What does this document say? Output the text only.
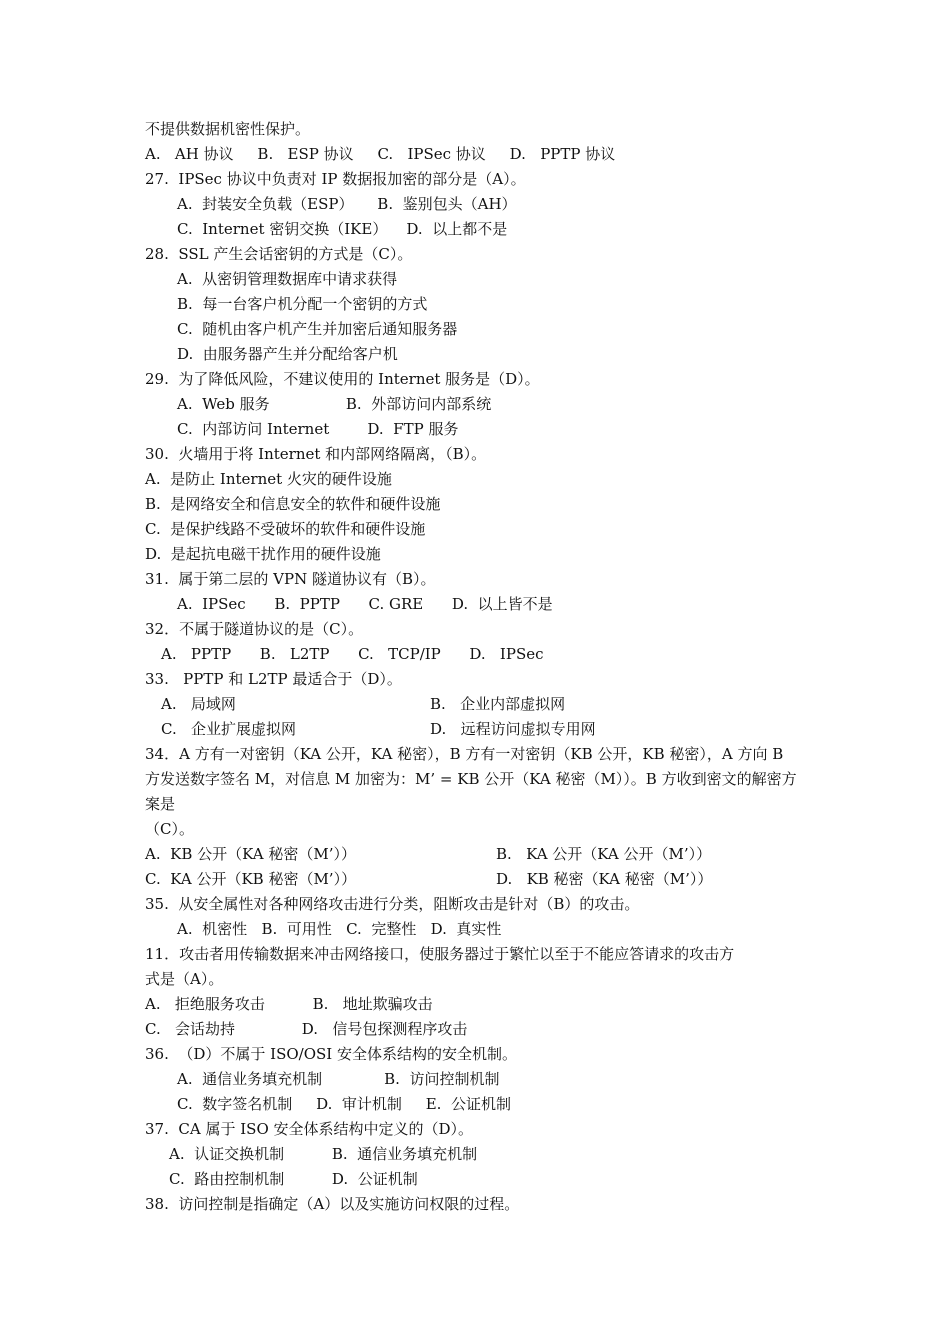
不提供数据机密性保护。
A.   AH 协议     B.   ESP 协议     C.   IPSec 协议     D.   PPTP 协议
27.  IPSec 协议中负责对 IP 数据报加密的部分是（A）。
A.  封装安全负载（ESP）     B.  鉴别包头（AH）
C.  Internet 密钥交换（IKE）    D.  以上都不是
28.  SSL 产生会话密钥的方式是（C）。
A.  从密钥管理数据库中请求获得
B.  每一台客户机分配一个密钥的方式
C.  随机由客户机产生并加密后通知服务器
D.  由服务器产生并分配给客户机
29.  为了降低风险，不建议使用的 Internet 服务是（D）。
A.  Web 服务                B.  外部访问内部系统
C.  内部访问 Internet        D.  FTP 服务
30.  火墙用于将 Internet 和内部网络隔离，（B）。
A.  是防止 Internet 火灾的硬件设施
B.  是网络安全和信息安全的软件和硬件设施
C.  是保护线路不受破坏的软件和硬件设施
D.  是起抗电磁干扰作用的硬件设施
31.  属于第二层的 VPN 隧道协议有（B）。
A.  IPSec      B.  PPTP      C. GRE      D.  以上皆不是
32．不属于隧道协议的是（C）。
A.   PPTP      B.   L2TP      C.   TCP/IP      D.   IPSec
33.   PPTP 和 L2TP 最适合于（D）。
A.   局域网	B.   企业内部虚拟网
C.   企业扩展虚拟网	D.   远程访问虚拟专用网
34．A 方有一对密钥（KA 公开，KA 秘密），B 方有一对密钥（KB 公开，KB 秘密），A 方向 B
方发送数字签名 M，对信息 M 加密为：M’ = KB 公开（KA 秘密（M））。B 方收到密文的解密方
案是
（C）。
A.  KB 公开（KA 秘密（M’））	B.   KA 公开（KA 公开（M’））
C.  KA 公开（KB 秘密（M’））	D.   KB 秘密（KA 秘密（M’））
35.  从安全属性对各种网络攻击进行分类，阻断攻击是针对（B）的攻击。
A.  机密性   B.  可用性   C.  完整性   D.  真实性
11．攻击者用传输数据来冲击网络接口，使服务器过于繁忙以至于不能应答请求的攻击方
式是（A）。
A.   拒绝服务攻击          B.   地址欺骗攻击
C.   会话劫持              D.   信号包探测程序攻击
36.  （D）不属于 ISO/OSI 安全体系结构的安全机制。
A.  通信业务填充机制             B.  访问控制机制
C.  数字签名机制     D.  审计机制     E.  公证机制
37.  CA 属于 ISO 安全体系结构中定义的（D）。
A.  认证交换机制          B.  通信业务填充机制
C.  路由控制机制          D.  公证机制
38.  访问控制是指确定（A）以及实施访问权限的过程。
